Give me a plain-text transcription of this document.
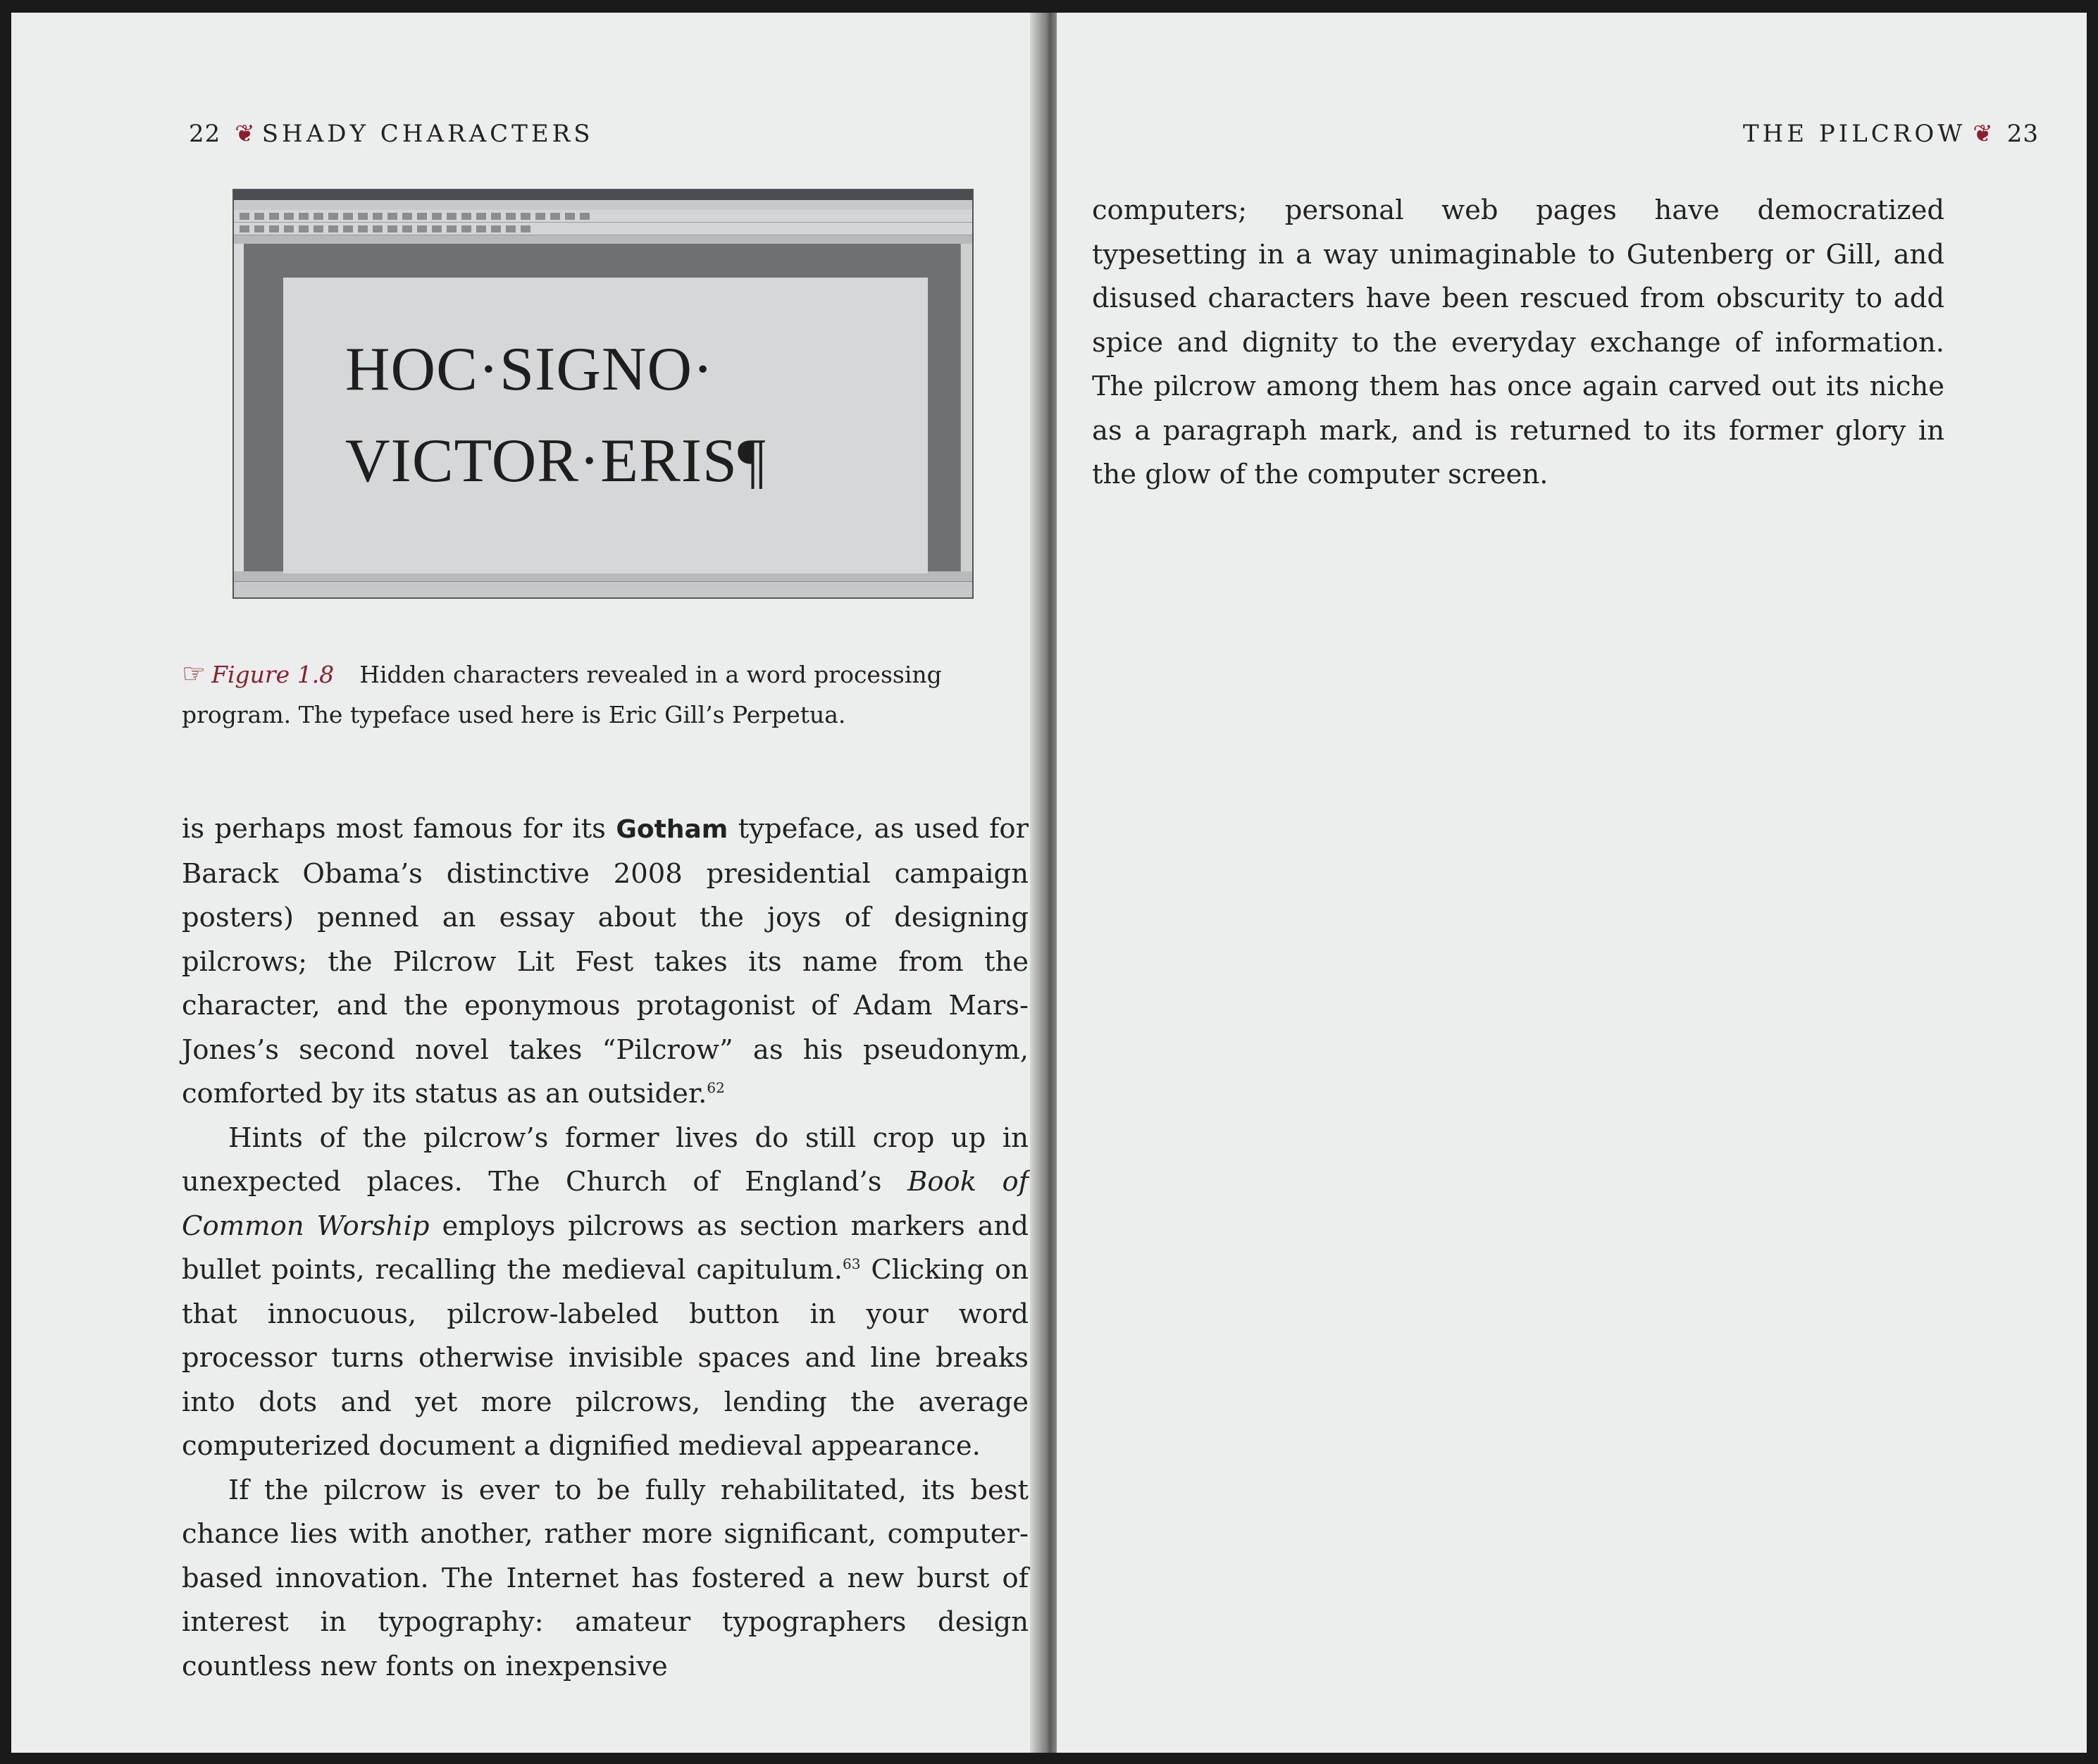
22 ❦ SHADY CHARACTERS
HOC·SIGNO·
VICTOR·ERIS¶
☞ Figure 1.8 Hidden characters revealed in a word processing program. The typeface used here is Eric Gill’s Perpetua.

is perhaps most famous for its Gotham typeface, as used for Barack Obama’s distinctive 2008 presidential campaign posters) penned an essay about the joys of designing pilcrows; the Pilcrow Lit Fest takes its name from the character, and the eponymous protagonist of Adam Mars-Jones’s second novel takes “Pilcrow” as his pseudonym, comforted by its status as an outsider.$^{62}$

Hints of the pilcrow’s former lives do still crop up in unexpected places. The Church of England’s Book of Common Worship employs pilcrows as section markers and bullet points, recalling the medieval capitulum.$^{63}$ Clicking on that innocuous, pilcrow-labeled button in your word processor turns otherwise invisible spaces and line breaks into dots and yet more pilcrows, lending the average computerized document a dignified medieval appearance.

If the pilcrow is ever to be fully rehabilitated, its best chance lies with another, rather more significant, computer-based innovation. The Internet has fostered a new burst of interest in typography: amateur typographers design countless new fonts on inexpensive

THE PILCROW ❦ 23

computers; personal web pages have democratized typesetting in a way unimaginable to Gutenberg or Gill, and disused characters have been rescued from obscurity to add spice and dignity to the everyday exchange of information. The pilcrow among them has once again carved out its niche as a paragraph mark, and is returned to its former glory in the glow of the computer screen.
